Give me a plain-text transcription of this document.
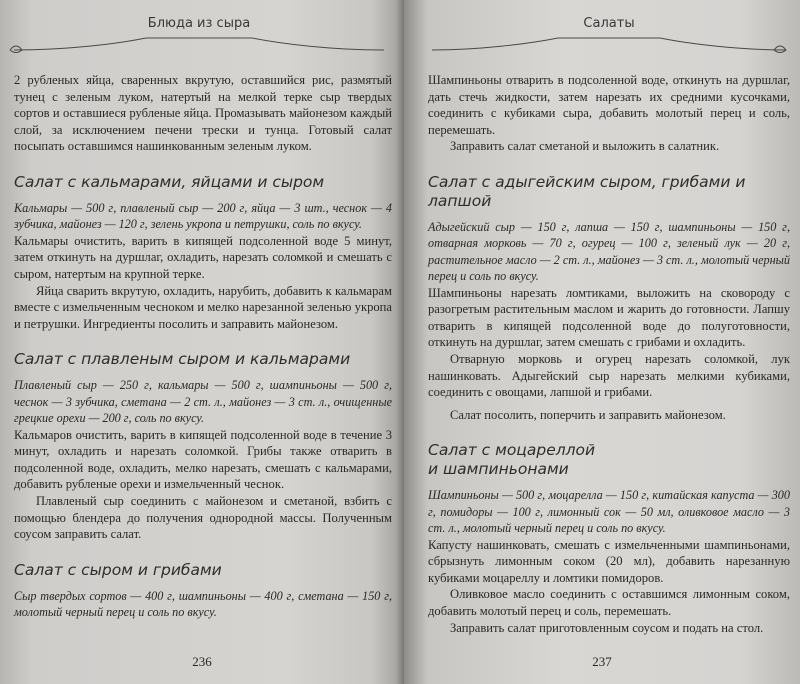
Блюда из сыра

2 рубленых яйца, сваренных вкрутую, оставшийся рис, размятый тунец с зеленым луком, натертый на мелкой терке сыр твердых сортов и оставшиеся рубленые яйца. Промазывать майонезом каждый слой, за исключением печени трески и тунца. Готовый салат посыпать оставшимся нашинкованным зеленым луком.

Салат с кальмарами, яйцами и сыром

Кальмары — 500 г, плавленый сыр — 200 г, яйца — 3 шт., чеснок — 4 зубчика, майонез — 120 г, зелень укропа и петрушки, соль по вкусу.

Кальмары очистить, варить в кипящей подсоленной воде 5 минут, затем откинуть на дуршлаг, охладить, нарезать соломкой и смешать с сыром, натертым на крупной терке.

Яйца сварить вкрутую, охладить, нарубить, добавить к кальмарам вместе с измельченным чесноком и мелко нарезанной зеленью укропа и петрушки. Ингредиенты посолить и заправить майонезом.

Салат с плавленым сыром и кальмарами

Плавленый сыр — 250 г, кальмары — 500 г, шампиньоны — 500 г, чеснок — 3 зубчика, сметана — 2 ст. л., майонез — 3 ст. л., очищенные грецкие орехи — 200 г, соль по вкусу.

Кальмаров очистить, варить в кипящей подсоленной воде в течение 3 минут, охладить и нарезать соломкой. Грибы также отварить в подсоленной воде, охладить, мелко нарезать, смешать с кальмарами, добавить рубленые орехи и измельченный чеснок.

Плавленый сыр соединить с майонезом и сметаной, взбить с помощью блендера до получения однородной массы. Полученным соусом заправить салат.

Салат с сыром и грибами

Сыр твердых сортов — 400 г, шампиньоны — 400 г, сметана — 150 г, молотый черный перец и соль по вкусу.

236
Салаты

Шампиньоны отварить в подсоленной воде, откинуть на дуршлаг, дать стечь жидкости, затем нарезать их средними кусочками, соединить с кубиками сыра, добавить молотый перец и соль, перемешать.

Заправить салат сметаной и выложить в салатник.

Салат с адыгейским сыром, грибами и лапшой

Адыгейский сыр — 150 г, лапша — 150 г, шампиньоны — 150 г, отварная морковь — 70 г, огурец — 100 г, зеленый лук — 20 г, растительное масло — 2 ст. л., майонез — 3 ст. л., молотый черный перец и соль по вкусу.

Шампиньоны нарезать ломтиками, выложить на сковороду с разогретым растительным маслом и жарить до готовности. Лапшу отварить в кипящей подсоленной воде до полуготовности, откинуть на дуршлаг, затем смешать с грибами и охладить.

Отварную морковь и огурец нарезать соломкой, лук нашинковать. Адыгейский сыр нарезать мелкими кубиками, соединить с овощами, лапшой и грибами.

Салат посолить, поперчить и заправить майонезом.

Салат с моцареллой
и шампиньонами

Шампиньоны — 500 г, моцарелла — 150 г, китайская капуста — 300 г, помидоры — 100 г, лимонный сок — 50 мл, оливковое масло — 3 ст. л., молотый черный перец и соль по вкусу.

Капусту нашинковать, смешать с измельченными шампиньонами, сбрызнуть лимонным соком (20 мл), добавить нарезанную кубиками моцареллу и ломтики помидоров.

Оливковое масло соединить с оставшимся лимонным соком, добавить молотый перец и соль, перемешать.

Заправить салат приготовленным соусом и подать на стол.

237
